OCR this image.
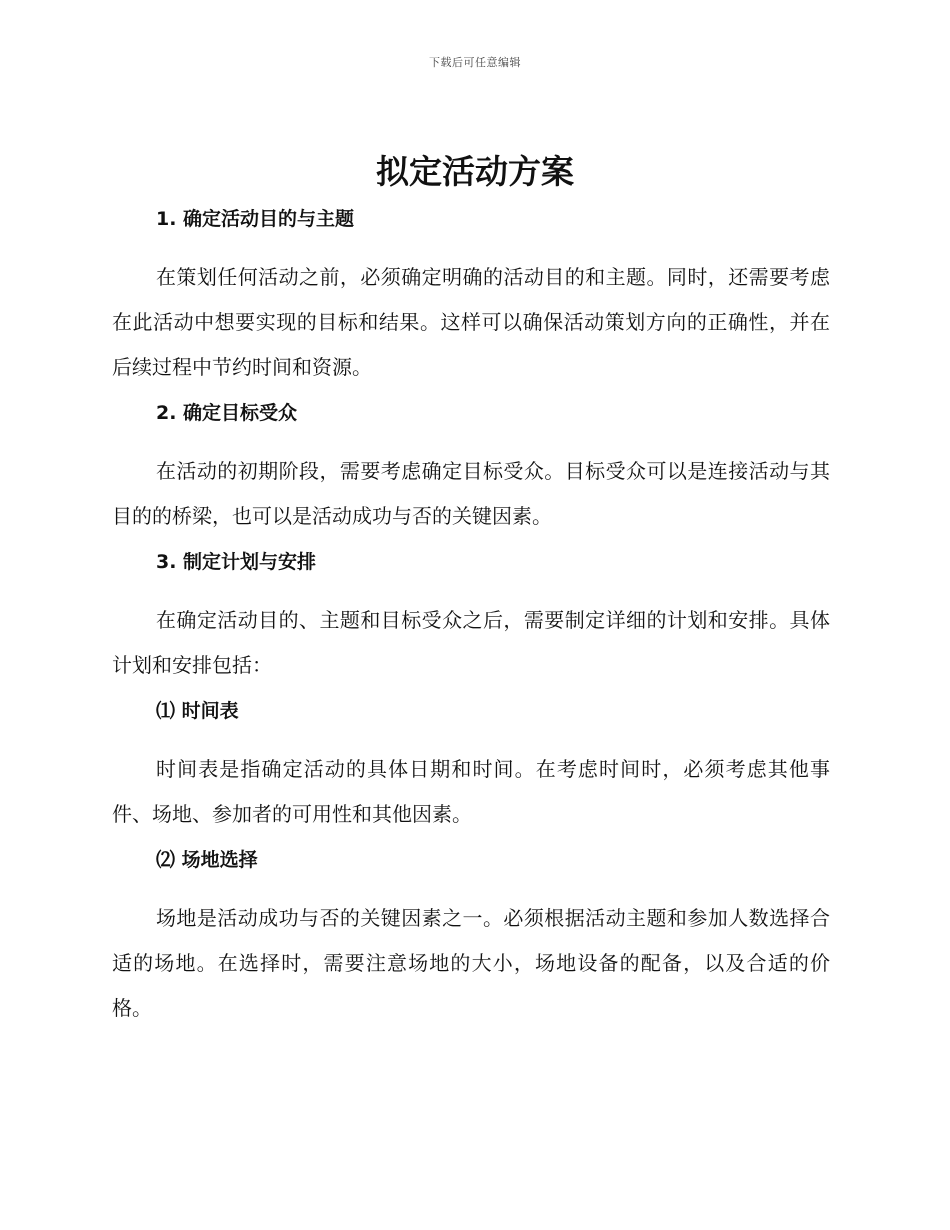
下载后可任意编辑
拟定活动方案
1. 确定活动目的与主题

在策划任何活动之前，必须确定明确的活动目的和主题。同时，还需要考虑在此活动中想要实现的目标和结果。这样可以确保活动策划方向的正确性，并在后续过程中节约时间和资源。

2. 确定目标受众

在活动的初期阶段，需要考虑确定目标受众。目标受众可以是连接活动与其目的的桥梁，也可以是活动成功与否的关键因素。

3. 制定计划与安排

在确定活动目的、主题和目标受众之后，需要制定详细的计划和安排。具体计划和安排包括：

⑴ 时间表

时间表是指确定活动的具体日期和时间。在考虑时间时，必须考虑其他事件、场地、参加者的可用性和其他因素。

⑵ 场地选择

场地是活动成功与否的关键因素之一。必须根据活动主题和参加人数选择合适的场地。在选择时，需要注意场地的大小，场地设备的配备，以及合适的价格。
